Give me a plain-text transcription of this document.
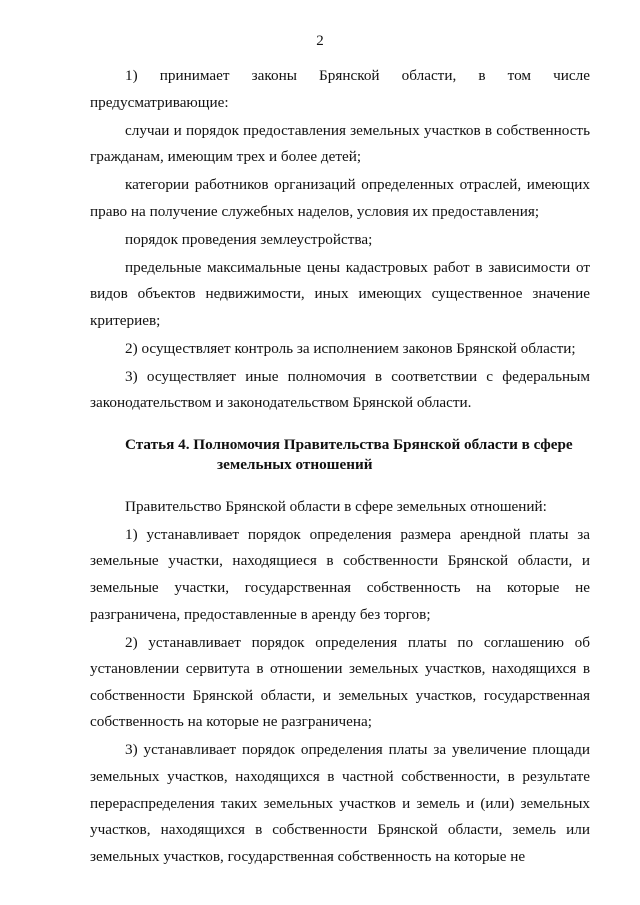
2

1) принимает законы Брянской области, в том числе предусматривающие:

случаи и порядок предоставления земельных участков в собственность гражданам, имеющим трех и более детей;

категории работников организаций определенных отраслей, имеющих право на получение служебных наделов, условия их предоставления;

порядок проведения землеустройства;

предельные максимальные цены кадастровых работ в зависимости от видов объектов недвижимости, иных имеющих существенное значение критериев;

2) осуществляет контроль за исполнением законов Брянской области;

3) осуществляет иные полномочия в соответствии с федеральным законодательством и законодательством Брянской области.

Статья 4. Полномочия Правительства Брянской области в сфере
земельных отношений

Правительство Брянской области в сфере земельных отношений:

1) устанавливает порядок определения размера арендной платы за земельные участки, находящиеся в собственности Брянской области, и земельные участки, государственная собственность на которые не разграничена, предоставленные в аренду без торгов;

2) устанавливает порядок определения платы по соглашению об установлении сервитута в отношении земельных участков, находящихся в собственности Брянской области, и земельных участков, государственная собственность на которые не разграничена;

3) устанавливает порядок определения платы за увеличение площади земельных участков, находящихся в частной собственности, в результате перераспределения таких земельных участков и земель и (или) земельных участков, находящихся в собственности Брянской области, земель или земельных участков, государственная собственность на которые не
